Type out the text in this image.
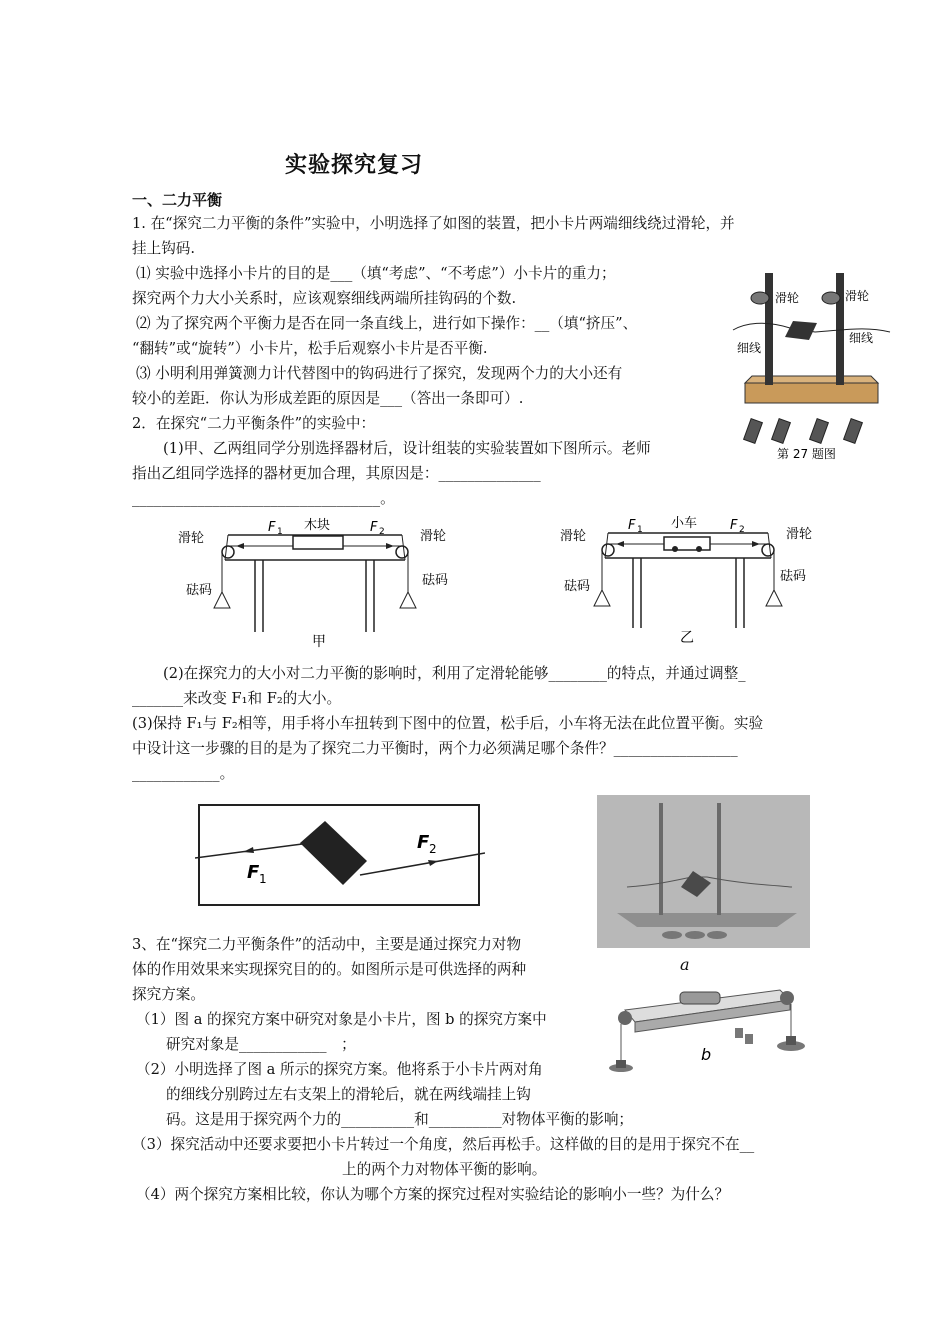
实验探究复习
一、二力平衡
1. 在“探究二力平衡的条件”实验中，小明选择了如图的装置，把小卡片两端细线绕过滑轮，并
挂上钩码.
⑴ 实验中选择小卡片的目的是___（填“考虑”、“不考虑”）小卡片的重力；
探究两个力大小关系时，应该观察细线两端所挂钩码的个数.
⑵ 为了探究两个平衡力是否在同一条直线上，进行如下操作：__（填“挤压”、
“翻转”或“旋转”）小卡片，松手后观察小卡片是否平衡.
⑶ 小明利用弹簧测力计代替图中的钩码进行了探究，发现两个力的大小还有
较小的差距．你认为形成差距的原因是___（答出一条即可）.
滑轮	滑轮
细线
细线
第 27 题图
2．在探究“二力平衡条件”的实验中：
(1)甲、乙两组同学分别选择器材后，设计组装的实验装置如下图所示。老师
指出乙组同学选择的器材更加合理，其原因是：______________
__________________________________。
滑轮	滑轮
F 1 木块	F 2
砝码
砝码
甲
滑轮	滑轮
F 1 小车	F 2
砝码
砝码
乙
(2)在探究力的大小对二力平衡的影响时，利用了定滑轮能够________的特点，并通过调整_
_______来改变 F₁和 F₂的大小。
(3)保持 F₁与 F₂相等，用手将小车扭转到下图中的位置，松手后，小车将无法在此位置平衡。实验
中设计这一步骤的目的是为了探究二力平衡时，两个力必须满足哪个条件？_________________
____________。
F 1
F 2
a
b
3、在“探究二力平衡条件”的活动中，主要是通过探究力对物
体的作用效果来实现探究目的的。如图所示是可供选择的两种
探究方案。
（1）图 a 的探究方案中研究对象是小卡片，图 b 的探究方案中
研究对象是____________　；
（2）小明选择了图 a 所示的探究方案。他将系于小卡片两对角
的细线分别跨过左右支架上的滑轮后，就在两线端挂上钩
码。这是用于探究两个力的__________和__________对物体平衡的影响；
（3）探究活动中还要求要把小卡片转过一个角度，然后再松手。这样做的目的是用于探究不在__
上的两个力对物体平衡的影响。
（4）两个探究方案相比较，你认为哪个方案的探究过程对实验结论的影响小一些？为什么？
